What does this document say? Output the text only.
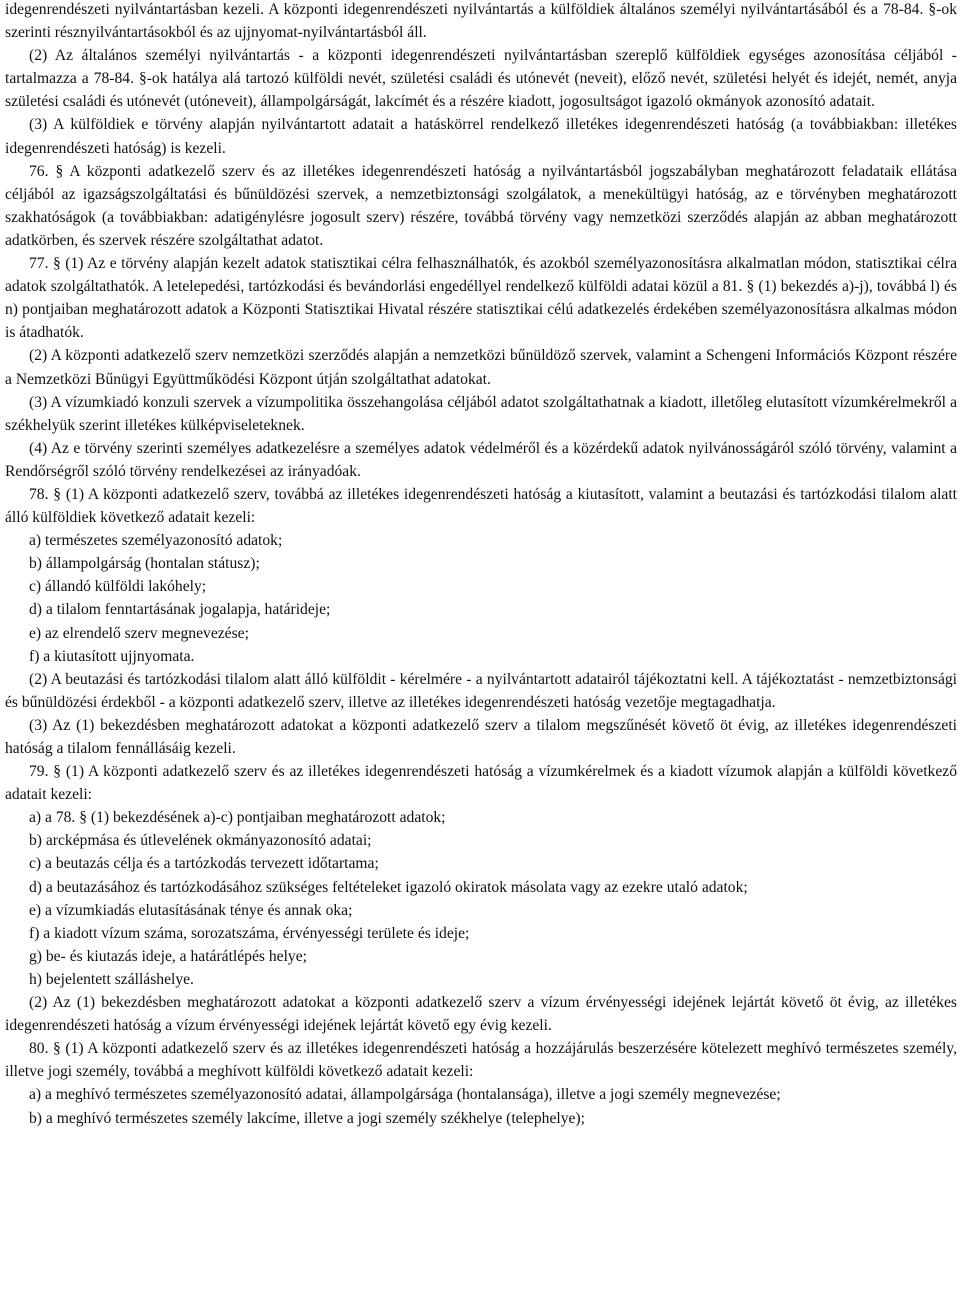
idegenrendészeti nyilvántartásban kezeli. A központi idegenrendészeti nyilvántartás a külföldiek általános személyi nyilvántartásából és a 78-84. §-ok szerinti résznyilvántartásokból és az ujjnyomat-nyilvántartásból áll.

(2) Az általános személyi nyilvántartás - a központi idegenrendészeti nyilvántartásban szereplő külföldiek egységes azonosítása céljából - tartalmazza a 78-84. §-ok hatálya alá tartozó külföldi nevét, születési családi és utónevét (neveit), előző nevét, születési helyét és idejét, nemét, anyja születési családi és utónevét (utóneveit), állampolgárságát, lakcímét és a részére kiadott, jogosultságot igazoló okmányok azonosító adatait.

(3) A külföldiek e törvény alapján nyilvántartott adatait a hatáskörrel rendelkező illetékes idegenrendészeti hatóság (a továbbiakban: illetékes idegenrendészeti hatóság) is kezeli.

76. § A központi adatkezelő szerv és az illetékes idegenrendészeti hatóság a nyilvántartásból jogszabályban meghatározott feladataik ellátása céljából az igazságszolgáltatási és bűnüldözési szervek, a nemzetbiztonsági szolgálatok, a menekültügyi hatóság, az e törvényben meghatározott szakhatóságok (a továbbiakban: adatigénylésre jogosult szerv) részére, továbbá törvény vagy nemzetközi szerződés alapján az abban meghatározott adatkörben, és szervek részére szolgáltathat adatot.

77. § (1) Az e törvény alapján kezelt adatok statisztikai célra felhasználhatók, és azokból személyazonosításra alkalmatlan módon, statisztikai célra adatok szolgáltathatók. A letelepedési, tartózkodási és bevándorlási engedéllyel rendelkező külföldi adatai közül a 81. § (1) bekezdés a)-j), továbbá l) és n) pontjaiban meghatározott adatok a Központi Statisztikai Hivatal részére statisztikai célú adatkezelés érdekében személyazonosításra alkalmas módon is átadhatók.

(2) A központi adatkezelő szerv nemzetközi szerződés alapján a nemzetközi bűnüldöző szervek, valamint a Schengeni Információs Központ részére a Nemzetközi Bűnügyi Együttműködési Központ útján szolgáltathat adatokat.

(3) A vízumkiadó konzuli szervek a vízumpolitika összehangolása céljából adatot szolgáltathatnak a kiadott, illetőleg elutasított vízumkérelmekről a székhelyük szerint illetékes külképviseleteknek.

(4) Az e törvény szerinti személyes adatkezelésre a személyes adatok védelméről és a közérdekű adatok nyilvánosságáról szóló törvény, valamint a Rendőrségről szóló törvény rendelkezései az irányadóak.

78. § (1) A központi adatkezelő szerv, továbbá az illetékes idegenrendészeti hatóság a kiutasított, valamint a beutazási és tartózkodási tilalom alatt álló külföldiek következő adatait kezeli:

a) természetes személyazonosító adatok;

b) állampolgárság (hontalan státusz);

c) állandó külföldi lakóhely;

d) a tilalom fenntartásának jogalapja, határideje;

e) az elrendelő szerv megnevezése;

f) a kiutasított ujjnyomata.

(2) A beutazási és tartózkodási tilalom alatt álló külföldit - kérelmére - a nyilvántartott adatairól tájékoztatni kell. A tájékoztatást - nemzetbiztonsági és bűnüldözési érdekből - a központi adatkezelő szerv, illetve az illetékes idegenrendészeti hatóság vezetője megtagadhatja.

(3) Az (1) bekezdésben meghatározott adatokat a központi adatkezelő szerv a tilalom megszűnését követő öt évig, az illetékes idegenrendészeti hatóság a tilalom fennállásáig kezeli.

79. § (1) A központi adatkezelő szerv és az illetékes idegenrendészeti hatóság a vízumkérelmek és a kiadott vízumok alapján a külföldi következő adatait kezeli:

a) a 78. § (1) bekezdésének a)-c) pontjaiban meghatározott adatok;

b) arcképmása és útlevelének okmányazonosító adatai;

c) a beutazás célja és a tartózkodás tervezett időtartama;

d) a beutazásához és tartózkodásához szükséges feltételeket igazoló okiratok másolata vagy az ezekre utaló adatok;

e) a vízumkiadás elutasításának ténye és annak oka;

f) a kiadott vízum száma, sorozatszáma, érvényességi területe és ideje;

g) be- és kiutazás ideje, a határátlépés helye;

h) bejelentett szálláshelye.

(2) Az (1) bekezdésben meghatározott adatokat a központi adatkezelő szerv a vízum érvényességi idejének lejártát követő öt évig, az illetékes idegenrendészeti hatóság a vízum érvényességi idejének lejártát követő egy évig kezeli.

80. § (1) A központi adatkezelő szerv és az illetékes idegenrendészeti hatóság a hozzájárulás beszerzésére kötelezett meghívó természetes személy, illetve jogi személy, továbbá a meghívott külföldi következő adatait kezeli:

a) a meghívó természetes személyazonosító adatai, állampolgársága (hontalansága), illetve a jogi személy megnevezése;

b) a meghívó természetes személy lakcíme, illetve a jogi személy székhelye (telephelye);
